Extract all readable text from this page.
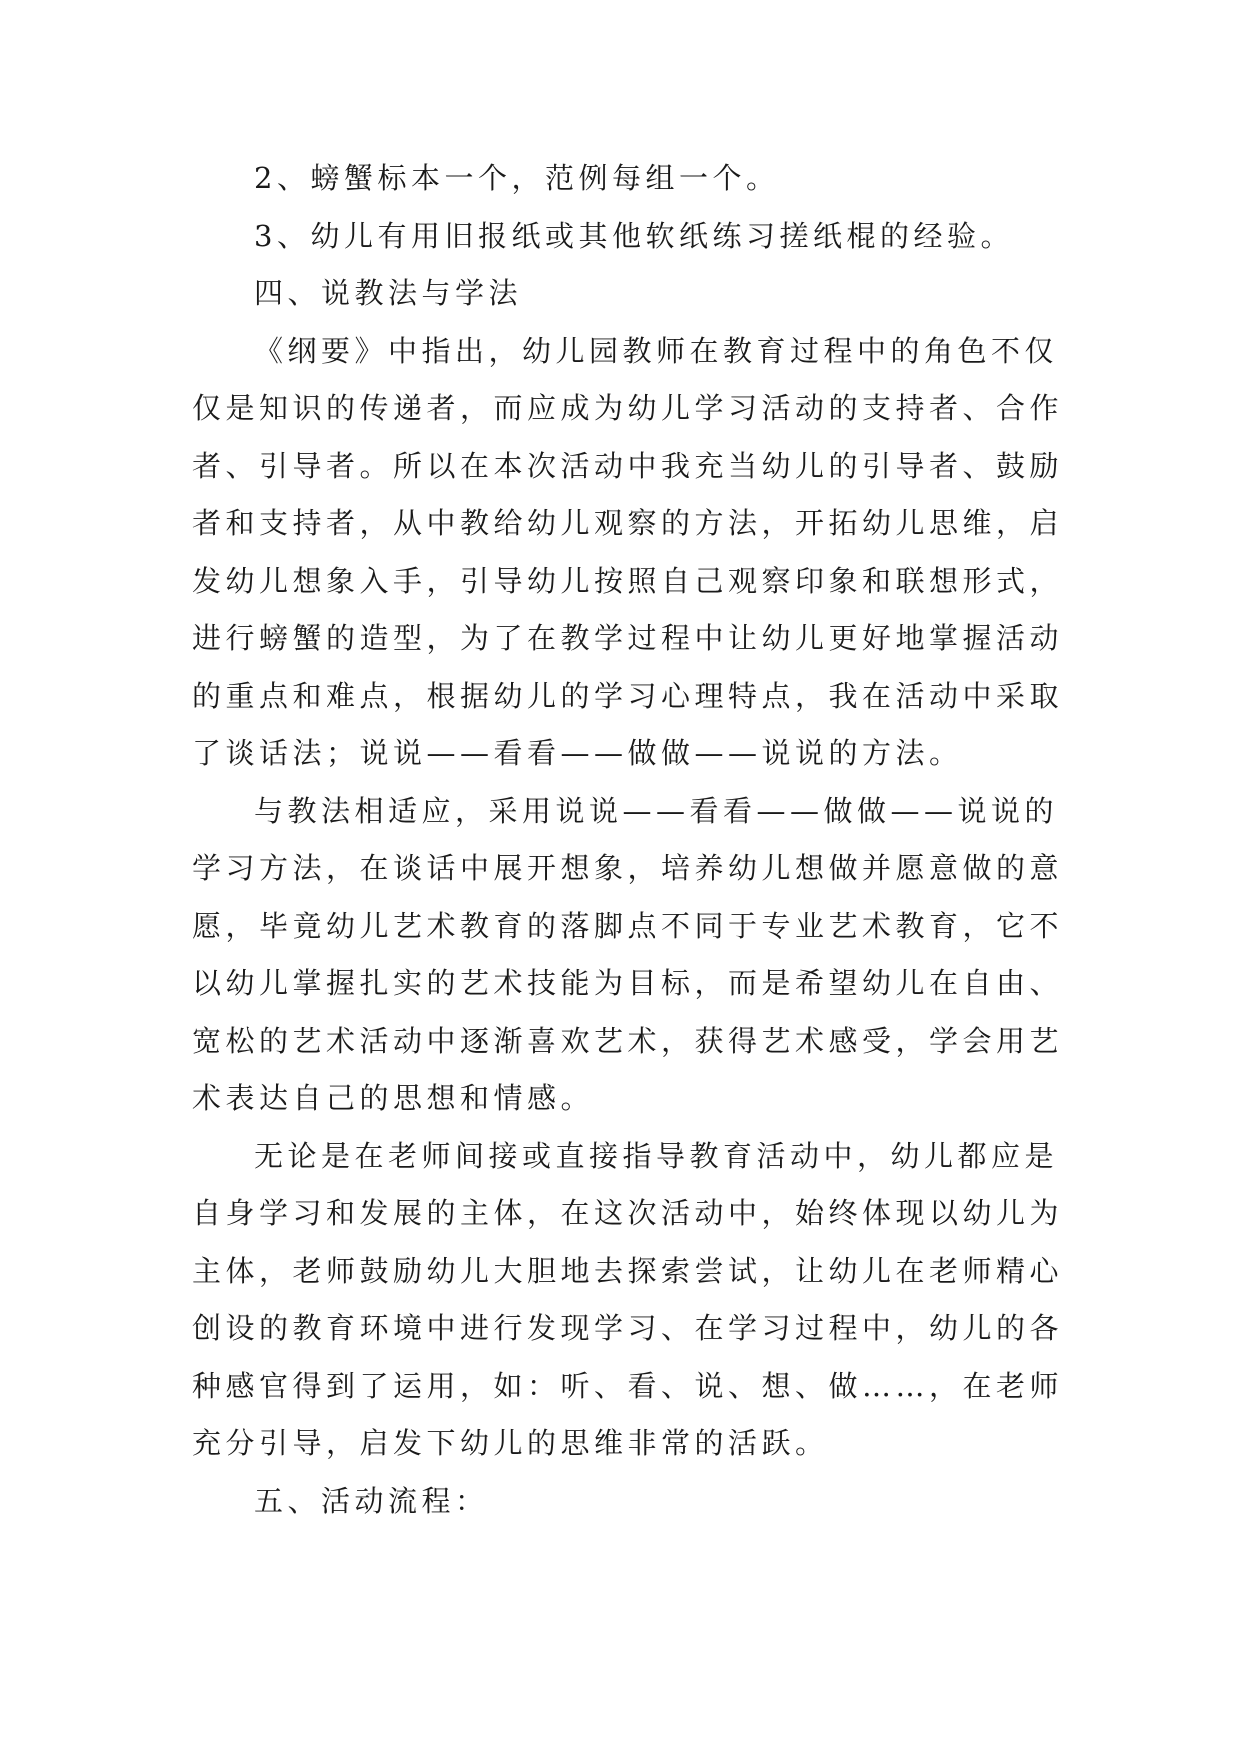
2、螃蟹标本一个，范例每组一个。
3、幼儿有用旧报纸或其他软纸练习搓纸棍的经验。
四、说教法与学法
《纲要》中指出，幼儿园教师在教育过程中的角色不仅
仅是知识的传递者，而应成为幼儿学习活动的支持者、合作
者、引导者。所以在本次活动中我充当幼儿的引导者、鼓励
者和支持者，从中教给幼儿观察的方法，开拓幼儿思维，启
发幼儿想象入手，引导幼儿按照自己观察印象和联想形式，
进行螃蟹的造型，为了在教学过程中让幼儿更好地掌握活动
的重点和难点，根据幼儿的学习心理特点，我在活动中采取
了谈话法；说说——看看——做做——说说的方法。
与教法相适应，采用说说——看看——做做——说说的
学习方法，在谈话中展开想象，培养幼儿想做并愿意做的意
愿，毕竟幼儿艺术教育的落脚点不同于专业艺术教育，它不
以幼儿掌握扎实的艺术技能为目标，而是希望幼儿在自由、
宽松的艺术活动中逐渐喜欢艺术，获得艺术感受，学会用艺
术表达自己的思想和情感。
无论是在老师间接或直接指导教育活动中，幼儿都应是
自身学习和发展的主体，在这次活动中，始终体现以幼儿为
主体，老师鼓励幼儿大胆地去探索尝试，让幼儿在老师精心
创设的教育环境中进行发现学习、在学习过程中，幼儿的各
种感官得到了运用，如：听、看、说、想、做……，在老师
充分引导，启发下幼儿的思维非常的活跃。
五、活动流程：
